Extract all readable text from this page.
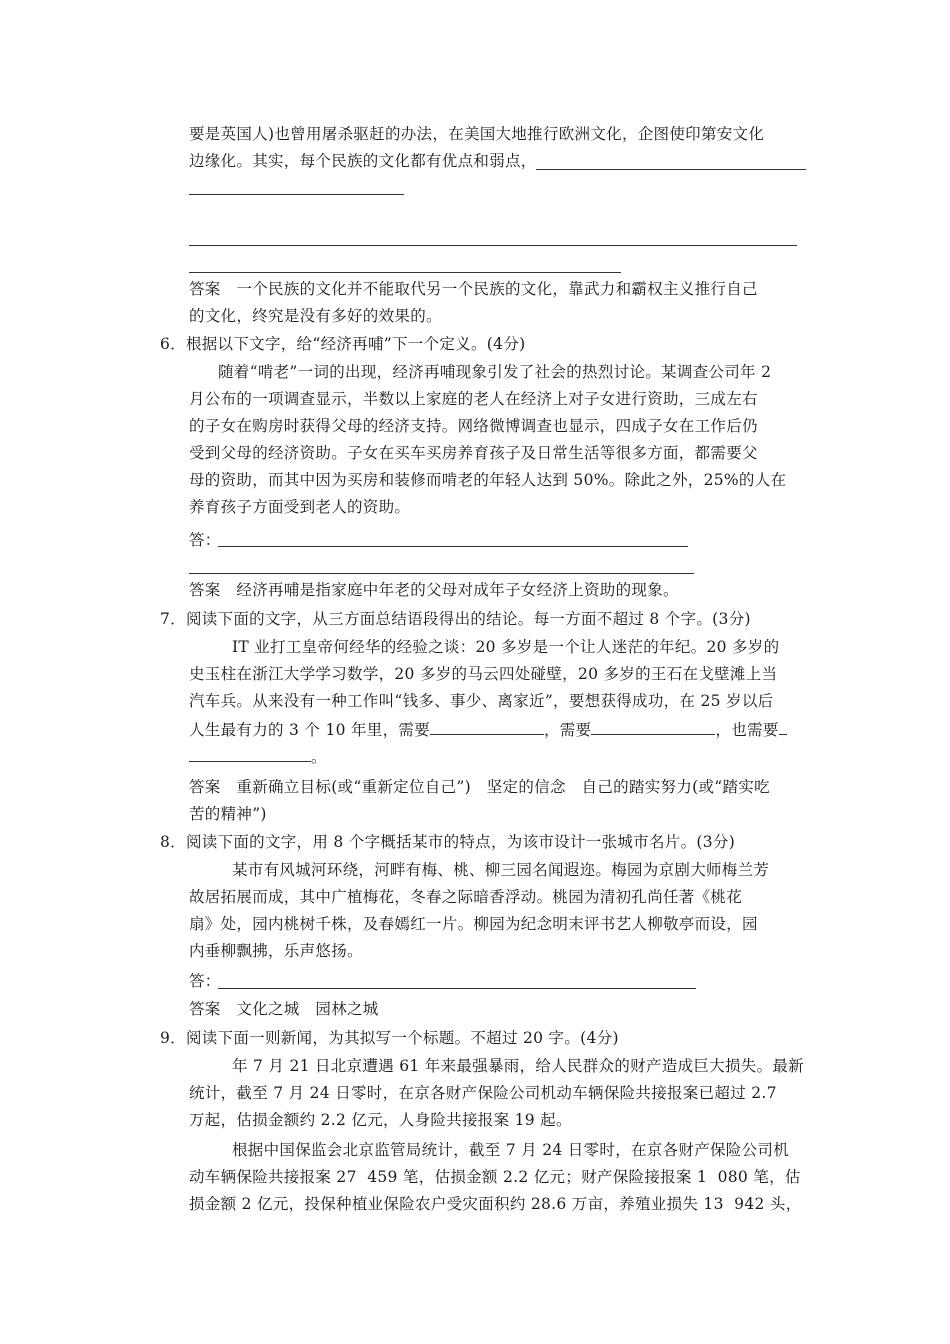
要是英国人)也曾用屠杀驱赶的办法，在美国大地推行欧洲文化，企图使印第安文化
边缘化。其实，每个民族的文化都有优点和弱点，
答案　一个民族的文化并不能取代另一个民族的文化，靠武力和霸权主义推行自己
的文化，终究是没有多好的效果的。
6．根据以下文字，给“经济再哺”下一个定义。(4分)
随着“啃老”一词的出现，经济再哺现象引发了社会的热烈讨论。某调查公司年 2
月公布的一项调查显示，半数以上家庭的老人在经济上对子女进行资助，三成左右
的子女在购房时获得父母的经济支持。网络微博调查也显示，四成子女在工作后仍
受到父母的经济资助。子女在买车买房养育孩子及日常生活等很多方面，都需要父
母的资助，而其中因为买房和装修而啃老的年轻人达到 50%。除此之外，25%的人在
养育孩子方面受到老人的资助。
答：
答案　经济再哺是指家庭中年老的父母对成年子女经济上资助的现象。
7．阅读下面的文字，从三方面总结语段得出的结论。每一方面不超过 8 个字。(3分)
IT 业打工皇帝何经华的经验之谈：20 多岁是一个让人迷茫的年纪。20 多岁的
史玉柱在浙江大学学习数学，20 多岁的马云四处碰壁，20 多岁的王石在戈壁滩上当
汽车兵。从来没有一种工作叫“钱多、事少、离家近”，要想获得成功，在 25 岁以后
人生最有力的 3 个 10 年里，需要	，需要	，也需要
。
答案　重新确立目标(或“重新定位自己”)　坚定的信念　自己的踏实努力(或“踏实吃
苦的精神”)
8．阅读下面的文字，用 8 个字概括某市的特点，为该市设计一张城市名片。(3分)
某市有风城河环绕，河畔有梅、桃、柳三园名闻遐迩。梅园为京剧大师梅兰芳
故居拓展而成，其中广植梅花，冬春之际暗香浮动。桃园为清初孔尚任著《桃花
扇》处，园内桃树千株，及春嫣红一片。柳园为纪念明末评书艺人柳敬亭而设，园
内垂柳飘拂，乐声悠扬。
答：
答案　文化之城　园林之城
9．阅读下面一则新闻，为其拟写一个标题。不超过 20 字。(4分)
年 7 月 21 日北京遭遇 61 年来最强暴雨，给人民群众的财产造成巨大损失。最新
统计，截至 7 月 24 日零时，在京各财产保险公司机动车辆保险共接报案已超过 2.7
万起，估损金额约 2.2 亿元，人身险共接报案 19 起。
根据中国保监会北京监管局统计，截至 7 月 24 日零时，在京各财产保险公司机
动车辆保险共接报案 27  459 笔，估损金额 2.2 亿元；财产保险接报案 1  080 笔，估
损金额 2 亿元，投保种植业保险农户受灾面积约 28.6 万亩，养殖业损失 13  942 头，
